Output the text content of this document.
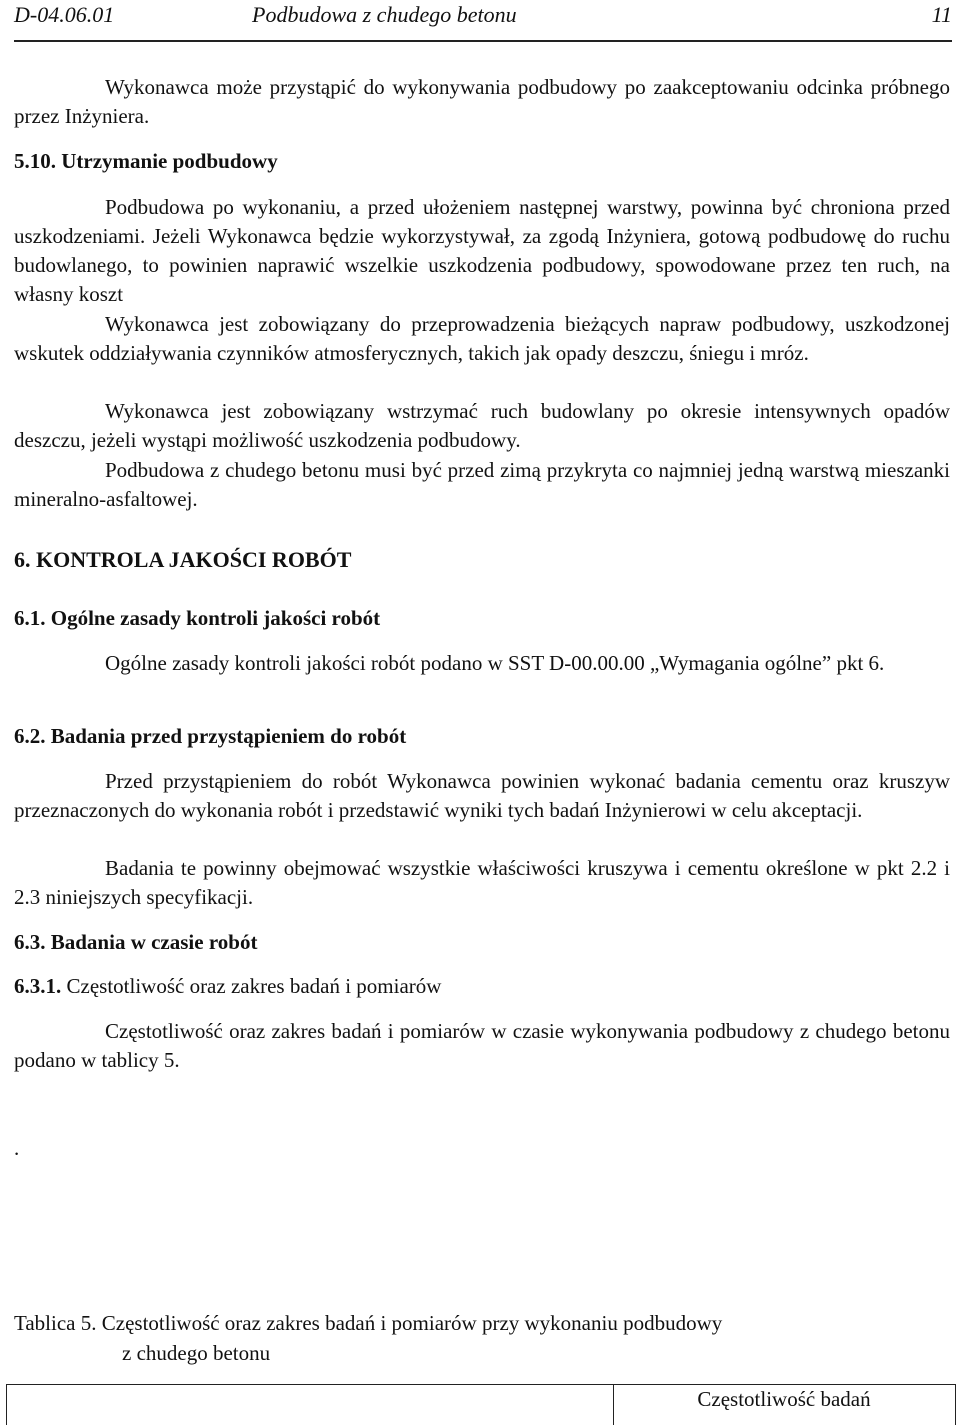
D-04.06.01	Podbudowa z chudego betonu	11

Wykonawca może przystąpić do wykonywania podbudowy po zaakceptowaniu odcinka próbnego przez Inżyniera.

5.10. Utrzymanie podbudowy

Podbudowa po wykonaniu, a przed ułożeniem następnej warstwy, powinna być chroniona przed uszkodzeniami. Jeżeli Wykonawca będzie wykorzystywał, za zgodą Inżyniera, gotową podbudowę do ruchu budowlanego, to powinien naprawić wszelkie uszkodzenia podbudowy, spowodowane przez ten ruch, na własny koszt

Wykonawca jest zobowiązany do przeprowadzenia bieżących napraw podbudowy, uszkodzonej wskutek oddziaływania czynników atmosferycznych, takich jak opady deszczu, śniegu i mróz.

Wykonawca jest zobowiązany wstrzymać ruch budowlany po okresie intensywnych opadów deszczu, jeżeli wystąpi możliwość uszkodzenia podbudowy.

Podbudowa z chudego betonu musi być przed zimą przykryta co najmniej jedną warstwą mieszanki mineralno-asfaltowej.

6. KONTROLA JAKOŚCI ROBÓT

6.1. Ogólne zasady kontroli jakości robót

Ogólne zasady kontroli jakości robót podano w SST D-00.00.00 „Wymagania ogólne” pkt 6.

6.2. Badania przed przystąpieniem do robót

Przed przystąpieniem do robót Wykonawca powinien wykonać badania cementu oraz kruszyw przeznaczonych do wykonania robót i przedstawić wyniki tych badań Inżynierowi w celu akceptacji.

Badania te powinny obejmować wszystkie właściwości kruszywa i cementu określone w pkt 2.2 i 2.3 niniejszych specyfikacji.

6.3. Badania w czasie robót

6.3.1. Częstotliwość oraz zakres badań i pomiarów

Częstotliwość oraz zakres badań i pomiarów w czasie wykonywania podbudowy z chudego betonu podano w tablicy 5.

.

Tablica 5. Częstotliwość oraz zakres badań i pomiarów przy wykonaniu podbudowy

z chudego betonu

Częstotliwość badań
